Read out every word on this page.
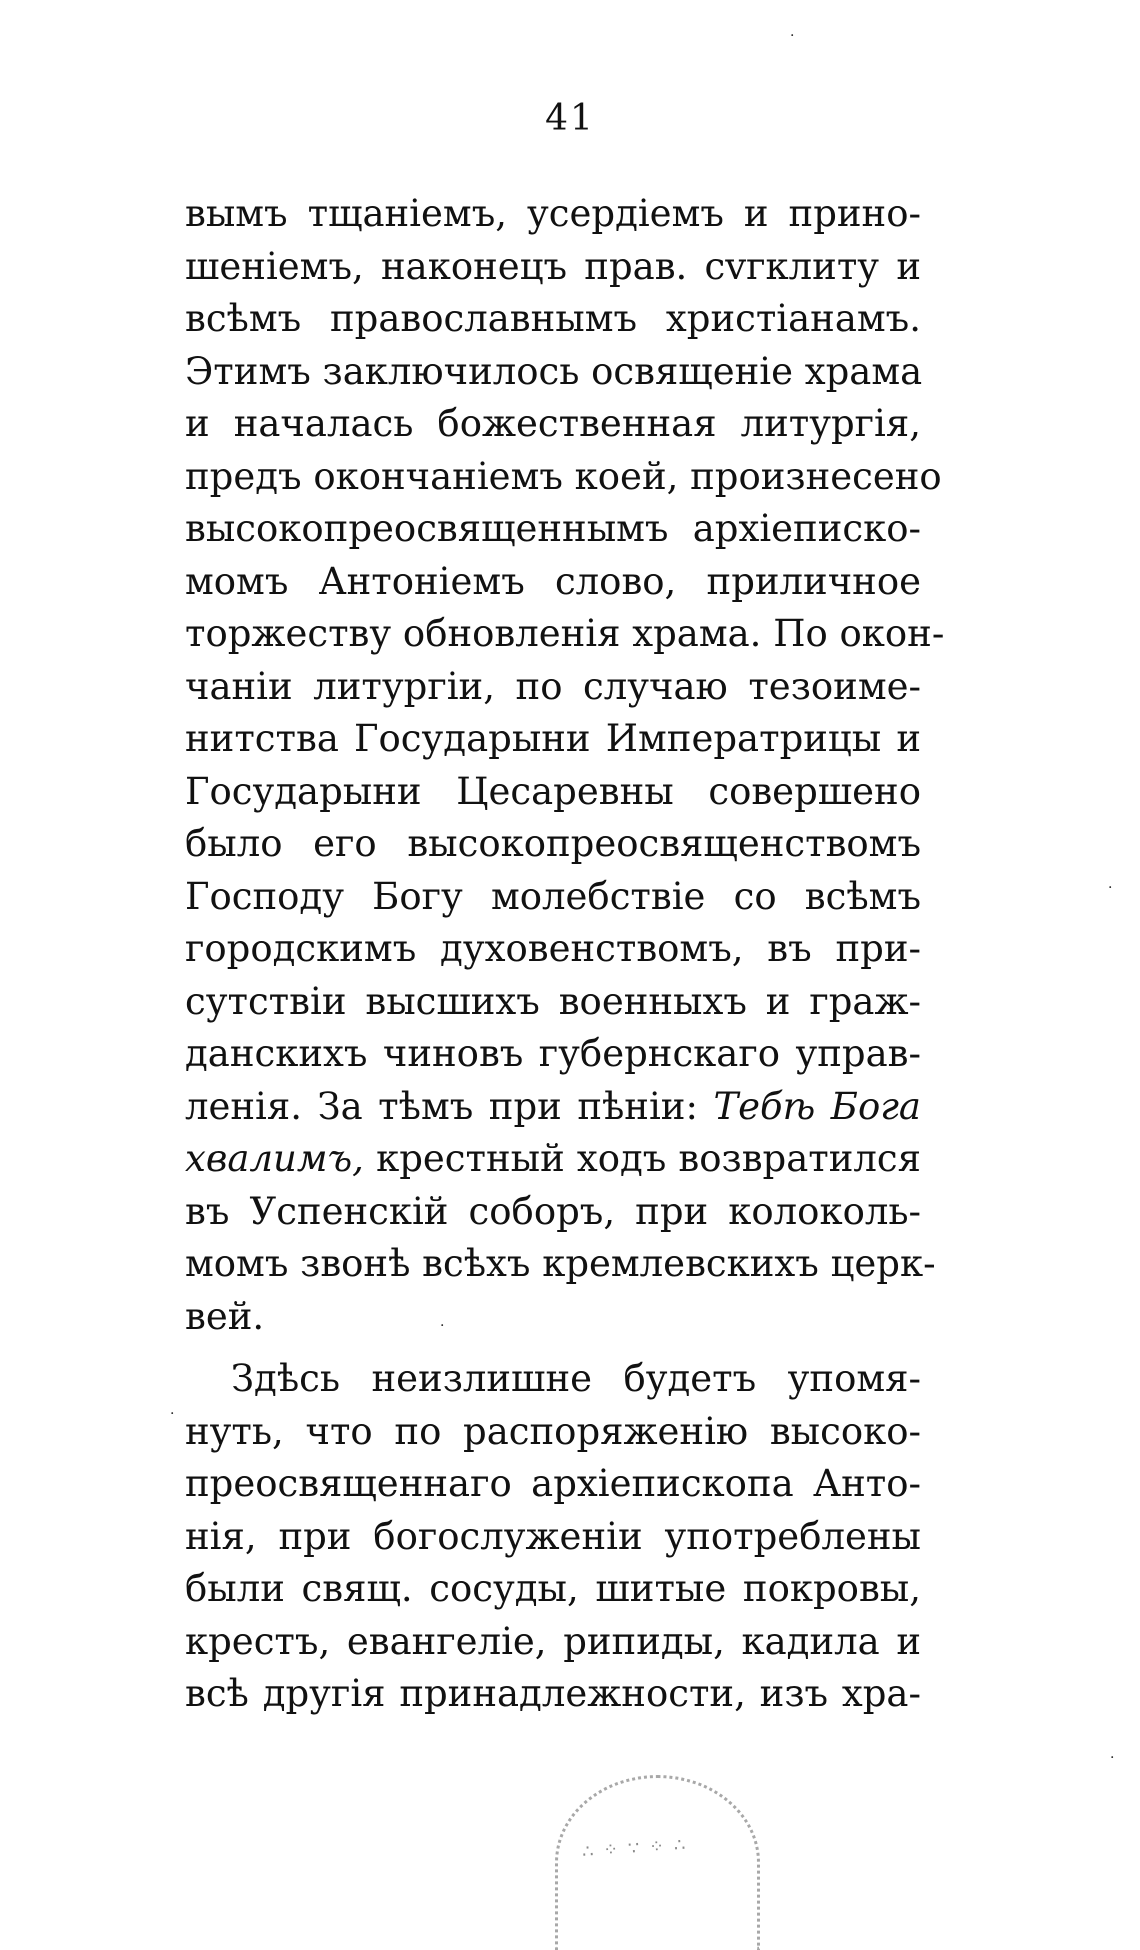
41
вымъ тщаніемъ, усердіемъ и прино-
шеніемъ, наконецъ прав. сvгклиту и
всѣмъ православнымъ христіанамъ.
Этимъ заключилось освященіе храма
и началась божественная литургія,
предъ окончаніемъ коей, произнесено
высокопреосвященнымъ архіеписко-
момъ Антоніемъ слово, приличное
торжеству обновленія храма. По окон-
чаніи литургіи, по случаю тезоиме-
нитства Государыни Императрицы и
Государыни Цесаревны совершено
было его высокопреосвященствомъ
Господу Богу молебствіе со всѣмъ
городскимъ духовенствомъ, въ при-
сутствіи высшихъ военныхъ и граж-
данскихъ чиновъ губернскаго управ-
ленія. За тѣмъ при пѣніи: Тебѣ Бога
хвалимъ, крестный ходъ возвратился
въ Успенскій соборъ, при колоколь-
момъ звонѣ всѣхъ кремлевскихъ церк-
вей.
Здѣсь неизлишне будетъ упомя-
нуть, что по распоряженію высоко-
преосвященнаго архіепископа Анто-
нія, при богослуженіи употреблены
были свящ. сосуды, шитые покровы,
крестъ, евангеліе, рипиды, кадила и
всѣ другія принадлежности, изъ хра-
·
·
·
·
·
∴ ⁘ ∵ ⁘ ∴
